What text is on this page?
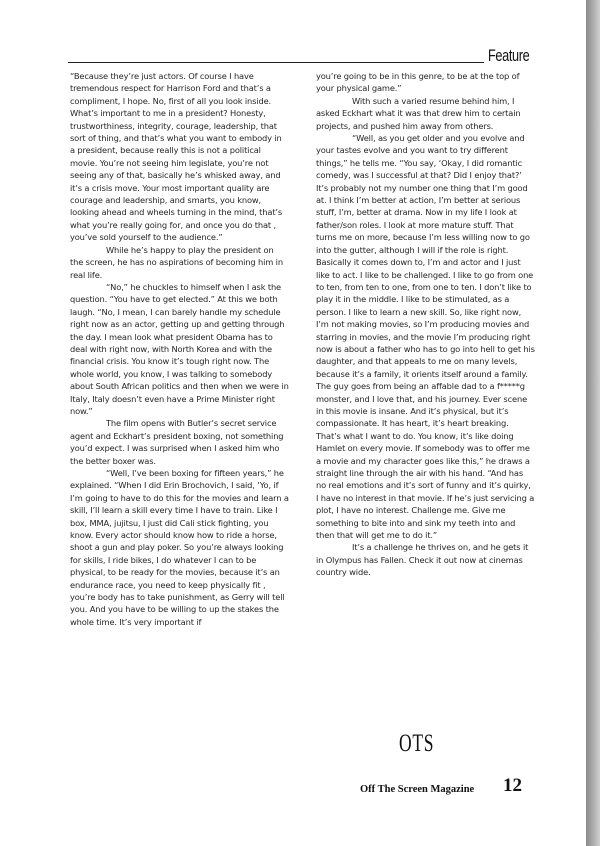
Feature

“Because they’re just actors. Of course I have tremendous respect for Harrison Ford and that’s a compliment, I hope. No, first of all you look inside. What’s important to me in a president? Honesty, trustworthiness, integrity, courage, leadership, that sort of thing, and that’s what you want to embody in a president, because really this is not a political movie. You’re not seeing him legislate, you’re not seeing any of that, basically he’s whisked away, and it’s a crisis move. Your most important quality are courage and leadership, and smarts, you know, looking ahead and wheels turning in the mind, that’s what you’re really going for, and once you do that , you’ve sold yourself to the audience.”

While he’s happy to play the president on the screen, he has no aspirations of becoming him in real life.

“No,” he chuckles to himself when I ask the question. “You have to get elected.” At this we both laugh. “No, I mean, I can barely handle my schedule right now as an actor, getting up and getting through the day. I mean look what president Obama has to deal with right now, with North Korea and with the financial crisis. You know it’s tough right now. The whole world, you know, I was talking to somebody about South African politics and then when we were in Italy, Italy doesn’t even have a Prime Minister right now.”

The film opens with Butler’s secret service agent and Eckhart’s president boxing, not something you’d expect. I was surprised when I asked him who the better boxer was.

“Well, I’ve been boxing for fifteen years,” he explained. “When I did Erin Brochovich, I said, ‘Yo, if I’m going to have to do this for the movies and learn a skill, I’ll learn a skill every time I have to train. Like I box, MMA, jujitsu, I just did Cali stick fighting, you know. Every actor should know how to ride a horse, shoot a gun and play poker. So you’re always looking for skills, I ride bikes, I do whatever I can to be physical, to be ready for the movies, because it’s an endurance race, you need to keep physically fit , you’re body has to take punishment, as Gerry will tell you. And you have to be willing to up the stakes the whole time. It’s very important if

you’re going to be in this genre, to be at the top of your physical game.”

With such a varied resume behind him, I asked Eckhart what it was that drew him to certain projects, and pushed him away from others.

“Well, as you get older and you evolve and your tastes evolve and you want to try different things,” he tells me. “You say, ‘Okay, I did romantic comedy, was I successful at that? Did I enjoy that?’ It’s probably not my number one thing that I’m good at. I think I’m better at action, I’m better at serious stuff, I’m, better at drama. Now in my life I look at father/son roles. I look at more mature stuff. That turns me on more, because I’m less willing now to go into the gutter, although I will if the role is right. Basically it comes down to, I’m and actor and I just like to act. I like to be challenged. I like to go from one to ten, from ten to one, from one to ten. I don’t like to play it in the middle. I like to be stimulated, as a person. I like to learn a new skill. So, like right now, I’m not making movies, so I’m producing movies and starring in movies, and the movie I’m producing right now is about a father who has to go into hell to get his daughter, and that appeals to me on many levels, because it’s a family, it orients itself around a family. The guy goes from being an affable dad to a f*****g monster, and I love that, and his journey. Ever scene in this movie is insane. And it’s physical, but it’s compassionate. It has heart, it’s heart breaking. That’s what I want to do. You know, it’s like doing Hamlet on every movie. If somebody was to offer me a movie and my character goes like this,” he draws a straight line through the air with his hand. “And has no real emotions and it’s sort of funny and it’s quirky, I have no interest in that movie. If he’s just servicing a plot, I have no interest. Challenge me. Give me something to bite into and sink my teeth into and then that will get me to do it.”

It’s a challenge he thrives on, and he gets it in Olympus has Fallen. Check it out now at cinemas country wide.

OTS
Off The Screen Magazine 12
